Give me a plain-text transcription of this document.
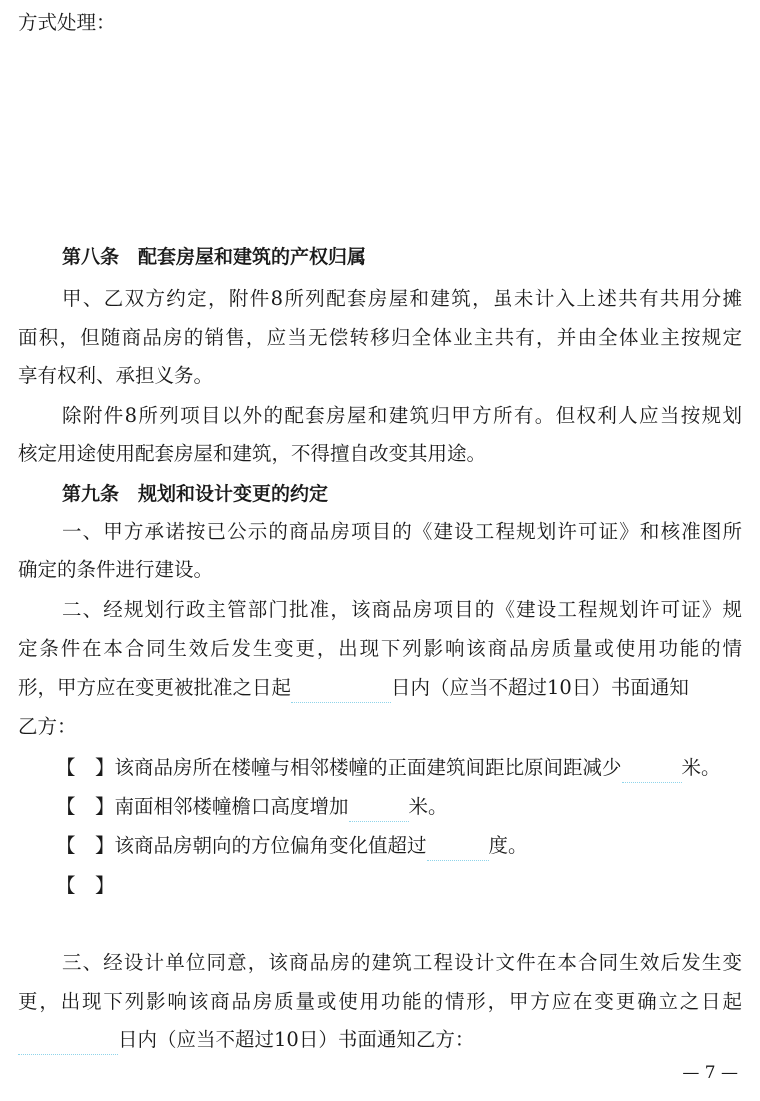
方式处理：
第八条　配套房屋和建筑的产权归属
甲、乙双方约定，附件8所列配套房屋和建筑，虽未计入上述共有共用分摊
面积，但随商品房的销售，应当无偿转移归全体业主共有，并由全体业主按规定
享有权利、承担义务。
除附件8所列项目以外的配套房屋和建筑归甲方所有。但权利人应当按规划
核定用途使用配套房屋和建筑，不得擅自改变其用途。
第九条　规划和设计变更的约定
一、甲方承诺按已公示的商品房项目的《建设工程规划许可证》和核准图所
确定的条件进行建设。
二、经规划行政主管部门批准，该商品房项目的《建设工程规划许可证》规
定条件在本合同生效后发生变更，出现下列影响该商品房质量或使用功能的情
形，甲方应在变更被批准之日起	日内（应当不超过10日）书面通知
乙方：
【　】该商品房所在楼幢与相邻楼幢的正面建筑间距比原间距减少	米。
【　】南面相邻楼幢檐口高度增加	米。
【　】该商品房朝向的方位偏角变化值超过	度。
【　】
三、经设计单位同意，该商品房的建筑工程设计文件在本合同生效后发生变
更，出现下列影响该商品房质量或使用功能的情形，甲方应在变更确立之日起
日内（应当不超过10日）书面通知乙方：
— 7 —
